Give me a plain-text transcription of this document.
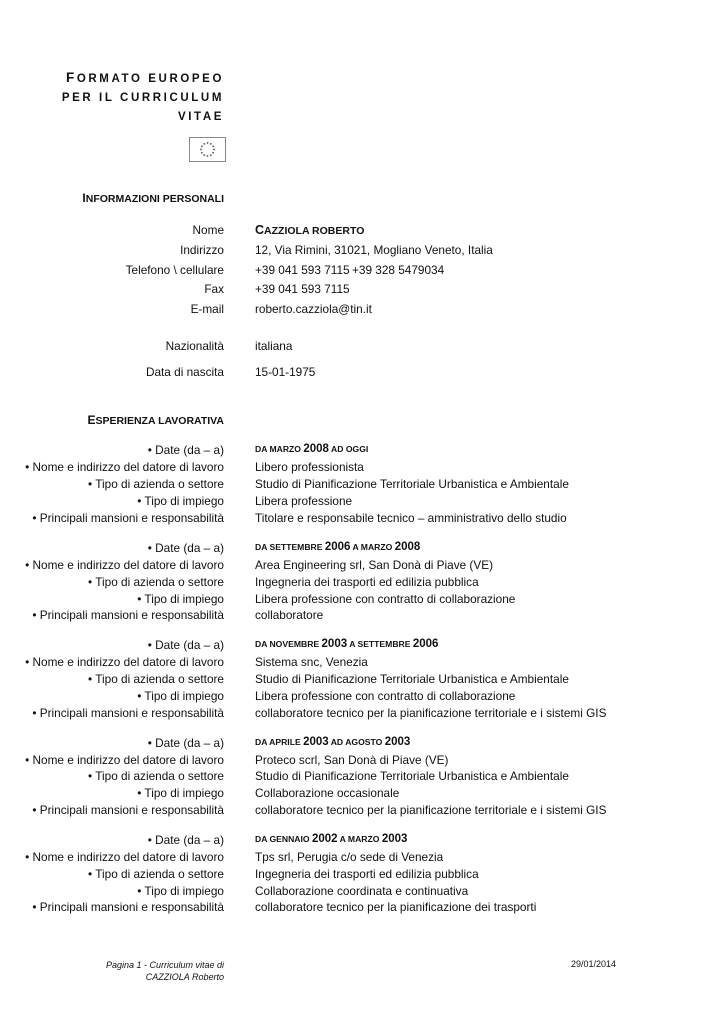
FORMATO EUROPEO
PER IL CURRICULUM
VITAE
INFORMAZIONI PERSONALI
Nome CAZZIOLA ROBERTO
Indirizzo	12, Via Rimini, 31021, Mogliano Veneto, Italia
Telefono \ cellulare	+39 041 593 7115 +39 328 5479034
Fax	+39 041 593 7115
E-mail	roberto.cazziola@tin.it
Nazionalità	italiana
Data di nascita	15-01-1975
ESPERIENZA LAVORATIVA
• Date (da – a)	DA MARZO 2008 AD OGGI
• Nome e indirizzo del datore di lavoro	Libero professionista
• Tipo di azienda o settore	Studio di Pianificazione Territoriale Urbanistica e Ambientale
• Tipo di impiego	Libera professione
• Principali mansioni e responsabilità	Titolare e responsabile tecnico – amministrativo dello studio
• Date (da – a)	DA SETTEMBRE 2006 A MARZO 2008
• Nome e indirizzo del datore di lavoro	Area Engineering srl, San Donà di Piave (VE)
• Tipo di azienda o settore	Ingegneria dei trasporti ed edilizia pubblica
• Tipo di impiego	Libera professione con contratto di collaborazione
• Principali mansioni e responsabilità	collaboratore
• Date (da – a)	DA NOVEMBRE 2003 A SETTEMBRE 2006
• Nome e indirizzo del datore di lavoro	Sistema snc, Venezia
• Tipo di azienda o settore	Studio di Pianificazione Territoriale Urbanistica e Ambientale
• Tipo di impiego	Libera professione con contratto di collaborazione
• Principali mansioni e responsabilità	collaboratore tecnico per la pianificazione territoriale e i sistemi GIS
• Date (da – a)	DA APRILE 2003 AD AGOSTO 2003
• Nome e indirizzo del datore di lavoro	Proteco scrl, San Donà di Piave (VE)
• Tipo di azienda o settore	Studio di Pianificazione Territoriale Urbanistica e Ambientale
• Tipo di impiego	Collaborazione occasionale
• Principali mansioni e responsabilità	collaboratore tecnico per la pianificazione territoriale e i sistemi GIS
• Date (da – a)	DA GENNAIO 2002 A MARZO 2003
• Nome e indirizzo del datore di lavoro	Tps srl, Perugia c/o sede di Venezia
• Tipo di azienda o settore	Ingegneria dei trasporti ed edilizia pubblica
• Tipo di impiego	Collaborazione coordinata e continuativa
• Principali mansioni e responsabilità	collaboratore tecnico per la pianificazione dei trasporti
Pagina 1 - Curriculum vitae di
CAZZIOLA Roberto
29/01/2014
